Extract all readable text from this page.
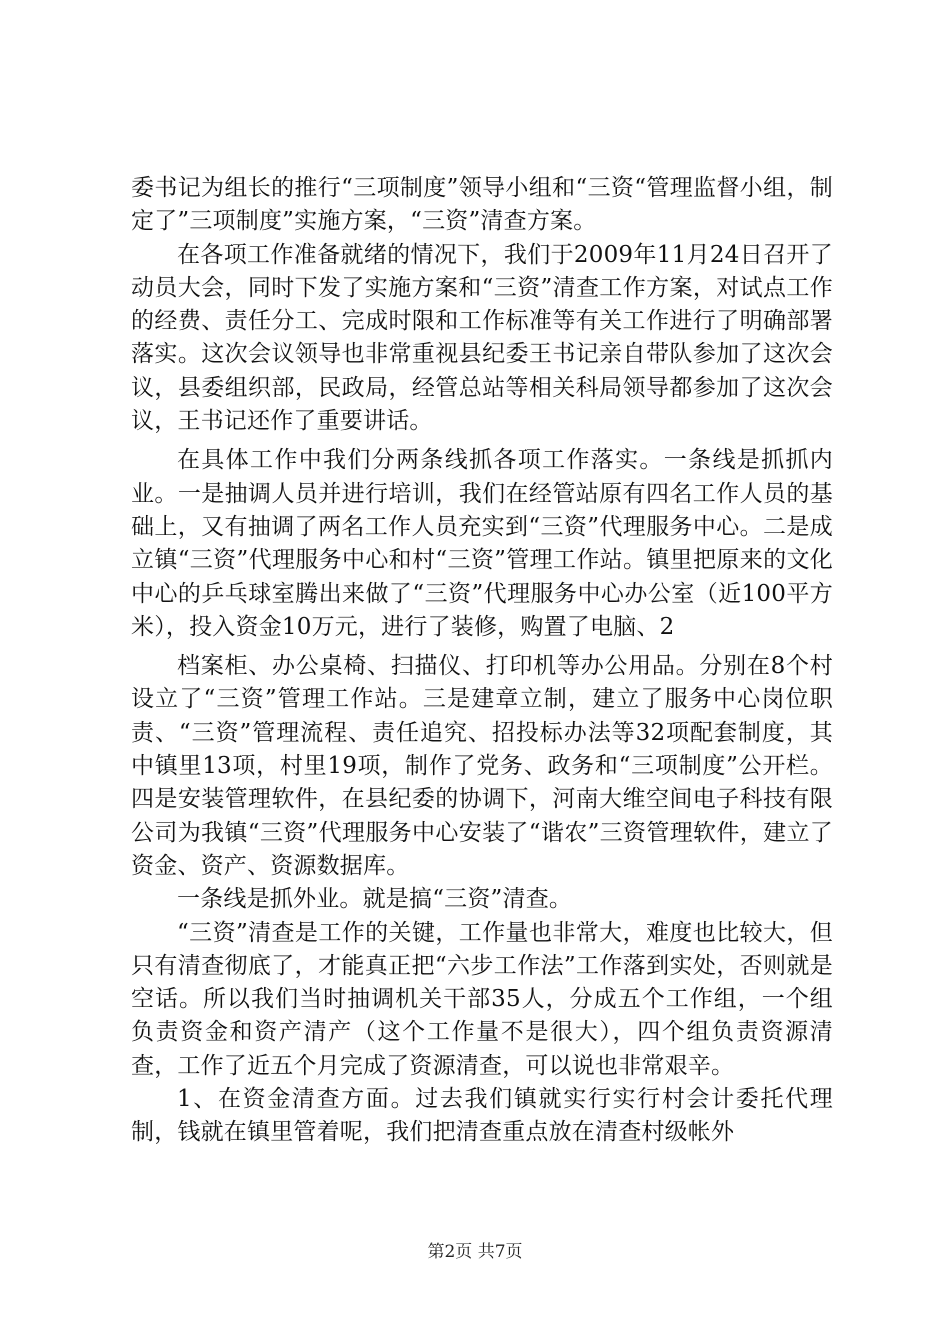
委书记为组长的推行“三项制度”领导小组和“三资“管理监督小组，制定了”三项制度”实施方案，“三资”清查方案。

在各项工作准备就绪的情况下，我们于2009年11月24日召开了动员大会，同时下发了实施方案和“三资”清查工作方案，对试点工作的经费、责任分工、完成时限和工作标准等有关工作进行了明确部署落实。这次会议领导也非常重视县纪委王书记亲自带队参加了这次会议，县委组织部，民政局，经管总站等相关科局领导都参加了这次会议，王书记还作了重要讲话。

在具体工作中我们分两条线抓各项工作落实。一条线是抓抓内业。一是抽调人员并进行培训，我们在经管站原有四名工作人员的基础上，又有抽调了两名工作人员充实到“三资”代理服务中心。二是成立镇“三资”代理服务中心和村“三资”管理工作站。镇里把原来的文化中心的乒乓球室腾出来做了“三资”代理服务中心办公室（近100平方米），投入资金10万元，进行了装修，购置了电脑、2

档案柜、办公桌椅、扫描仪、打印机等办公用品。分别在8个村设立了“三资”管理工作站。三是建章立制，建立了服务中心岗位职责、“三资”管理流程、责任追究、招投标办法等32项配套制度，其中镇里13项，村里19项，制作了党务、政务和“三项制度”公开栏。四是安装管理软件，在县纪委的协调下，河南大维空间电子科技有限公司为我镇“三资”代理服务中心安装了“谐农”三资管理软件，建立了资金、资产、资源数据库。

一条线是抓外业。就是搞“三资”清查。

“三资”清查是工作的关键，工作量也非常大，难度也比较大，但只有清查彻底了，才能真正把“六步工作法”工作落到实处，否则就是空话。所以我们当时抽调机关干部35人，分成五个工作组，一个组负责资金和资产清产（这个工作量不是很大），四个组负责资源清查，工作了近五个月完成了资源清查，可以说也非常艰辛。

1、在资金清查方面。过去我们镇就实行实行村会计委托代理制，钱就在镇里管着呢，我们把清查重点放在清查村级帐外

第2页 共7页
